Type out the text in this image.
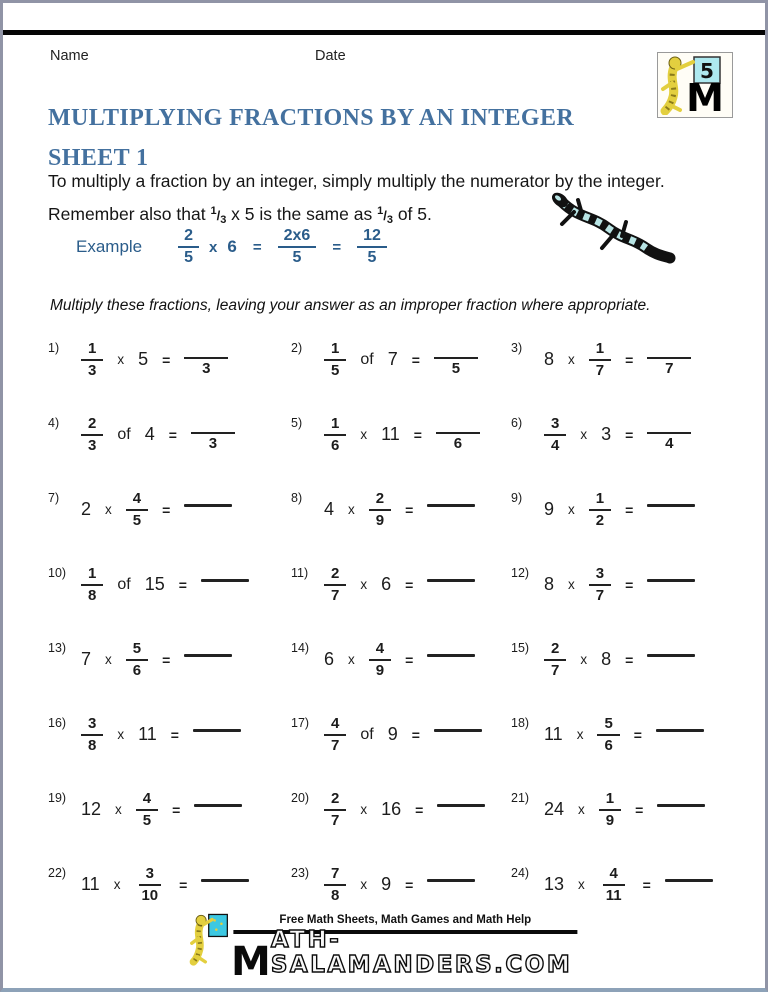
Name	Date
5
M
MULTIPLYING FRACTIONS BY AN INTEGER
SHEET 1
To multiply a fraction by an integer, simply multiply the numerator by the integer.
Remember also that $^1/_3$ x 5 is the same as $^1/_3$ of 5.
Example $\frac{2}{5}$ x $6 = \frac{2x6}{5} = \frac{12}{5}$
Multiply these fractions, leaving your answer as an improper fraction where appropriate.
1)	$\frac{1}{3}$ x 5 =
3
2)	$\frac{1}{5}$ of 7 =
5
3)
8 x $\frac{1}{7}$ =
7
4)	$\frac{2}{3}$ of 4 =
3
5)	$\frac{1}{6}$ x 11 =
6
6)	$\frac{3}{4}$ x 3 =
4
7)
2 x $\frac{4}{5}$ =
8)
4 x $\frac{2}{9}$ =
9)
9 x $\frac{1}{2}$ =
$10) \frac{1}{8}$ of 15 =
11)	$\frac{2}{7}$ x 6 =
12)
8 x $\frac{3}{7}$ =
13)
7 x $\frac{5}{6}$ =
14)
6 x $\frac{4}{9}$ =
$15) \frac{2}{7}$ x 8 =
$16) \frac{3}{8}$ x 11 =
$17) \frac{4}{7}$ of 9 =
18)
11 x $\frac{5}{6}$ =
19)
12 x $\frac{4}{5}$ =
$20) \frac{2}{7}$ x 16 =
21)
24 x $\frac{1}{9}$ =
22)
11 x $\frac{3}{10}$ =
$23) \frac{7}{8}$ x 9 =
24)
13 x $\frac{4}{11}$ =
Free Math Sheets, Math Games and Math Help
M ATH-SALAMANDERS.COM
